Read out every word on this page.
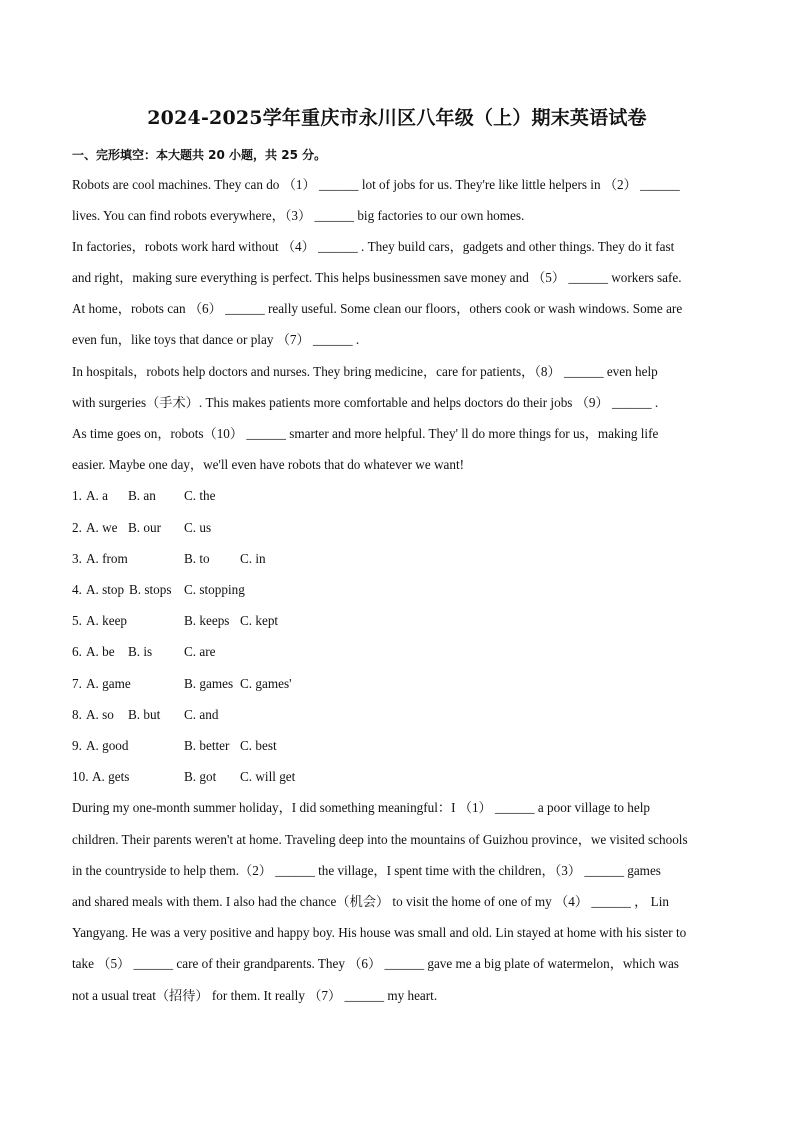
2024-2025学年重庆市永川区八年级（上）期末英语试卷
一、完形填空：本大题共 20 小题，共 25 分。
Robots are cool machines. They can do （1） ______ lot of jobs for us. They're like little helpers in （2） ______
lives. You can find robots everywhere，（3） ______ big factories to our own homes.
In factories，robots work hard without （4） ______ . They build cars，gadgets and other things. They do it fast
and right，making sure everything is perfect. This helps businessmen save money and （5） ______ workers safe.
At home，robots can （6） ______ really useful. Some clean our floors，others cook or wash windows. Some are
even fun，like toys that dance or play （7） ______ .
In hospitals，robots help doctors and nurses. They bring medicine，care for patients，（8） ______ even help
with surgeries（手术）. This makes patients more comfortable and helps doctors do their jobs （9） ______ .
As time goes on，robots（10） ______ smarter and more helpful. They' ll do more things for us，making life
easier. Maybe one day，we'll even have robots that do whatever we want!
1. A. a B. an C. the
2. A. we B. our C. us
3. A. from	B. to C. in
4. A. stop B. stops C. stopping
5. A. keep	B. keeps C. kept
6. A. be B. is C. are
7. A. game	B. games C. games'
8. A. so B. but C. and
9. A. good	B. better C. best
10. A. gets	B. got C. will get
During my one-month summer holiday，I did something meaningful：I （1） ______ a poor village to help
children. Their parents weren't at home. Traveling deep into the mountains of Guizhou province，we visited schools
in the countryside to help them.（2） ______ the village，I spent time with the children，（3） ______ games
and shared meals with them. I also had the chance（机会） to visit the home of one of my （4） ______ ， Lin
Yangyang. He was a very positive and happy boy. His house was small and old. Lin stayed at home with his sister to
take （5） ______ care of their grandparents. They （6） ______ gave me a big plate of watermelon，which was
not a usual treat（招待） for them. It really （7） ______ my heart.
